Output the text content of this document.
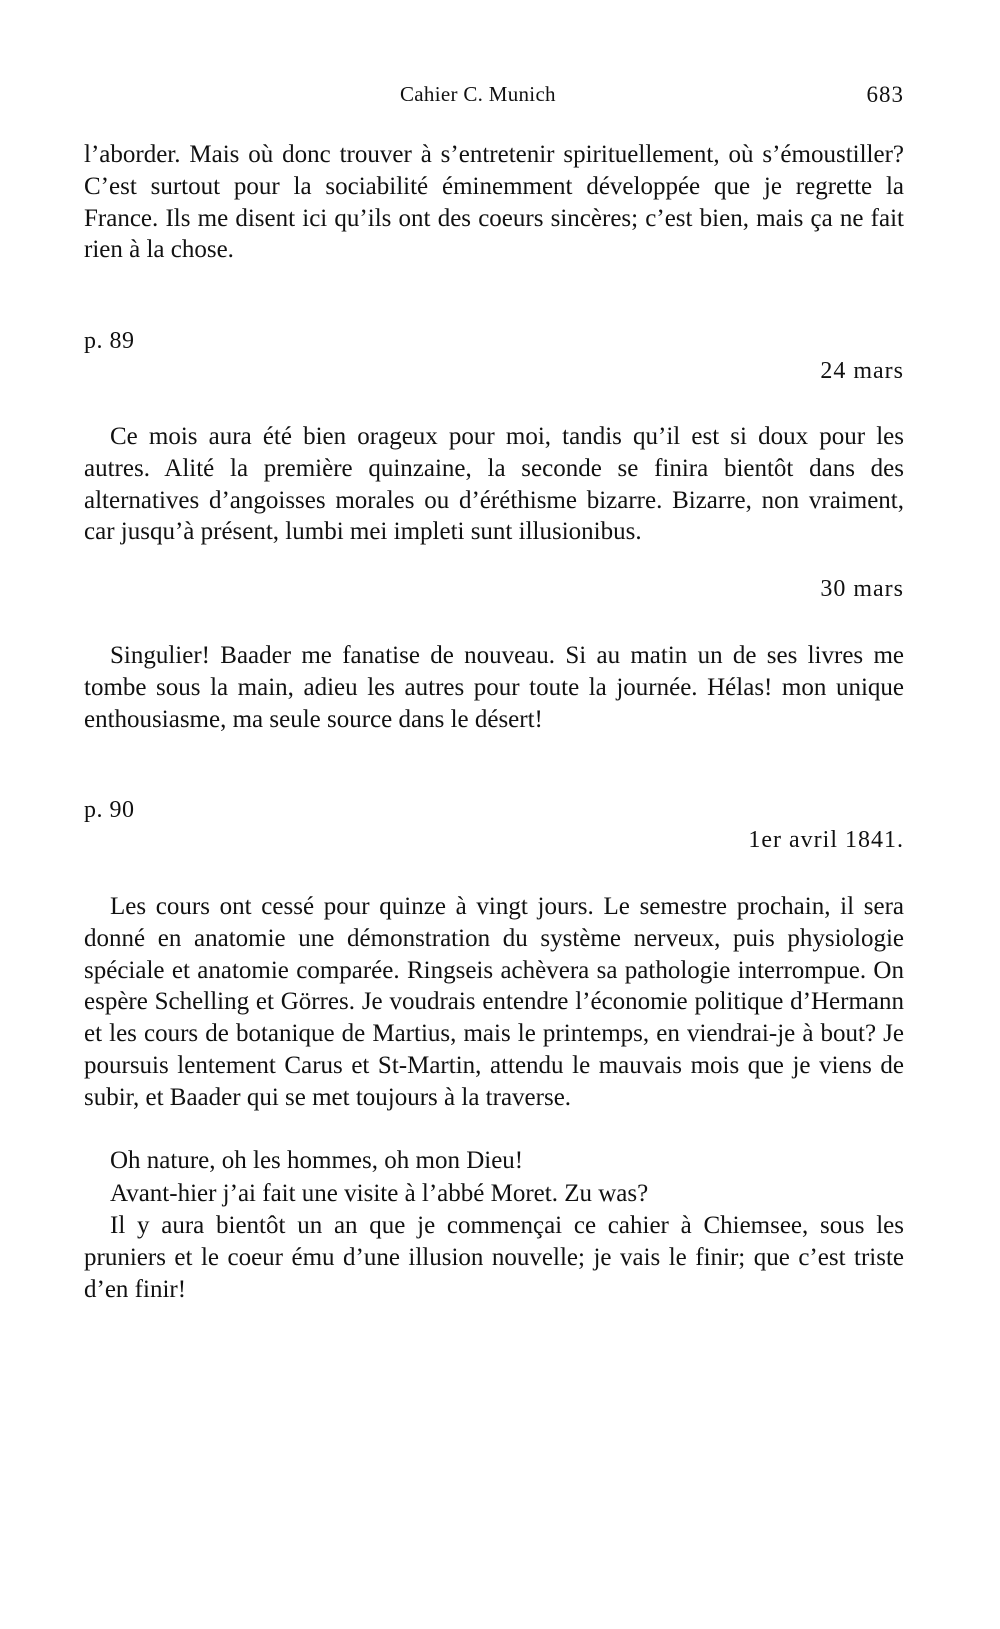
Cahier C. Munich	683
l’aborder. Mais où donc trouver à s’entretenir spirituellement, où s’émoustiller? C’est surtout pour la sociabilité éminemment développée que je regrette la France. Ils me disent ici qu’ils ont des coeurs sincères; c’est bien, mais ça ne fait rien à la chose.
p. 89
24 mars
Ce mois aura été bien orageux pour moi, tandis qu’il est si doux pour les autres. Alité la première quinzaine, la seconde se finira bientôt dans des alternatives d’angoisses morales ou d’éréthisme bizarre. Bizarre, non vraiment, car jusqu’à présent, lumbi mei impleti sunt illusionibus.
30 mars
Singulier! Baader me fanatise de nouveau. Si au matin un de ses livres me tombe sous la main, adieu les autres pour toute la journée. Hélas! mon unique enthousiasme, ma seule source dans le désert!
p. 90
1er avril 1841.
Les cours ont cessé pour quinze à vingt jours. Le semestre prochain, il sera donné en anatomie une démonstration du système nerveux, puis physiologie spéciale et anatomie comparée. Ringseis achèvera sa pathologie interrompue. On espère Schelling et Görres. Je voudrais entendre l’économie politique d’Hermann et les cours de botanique de Martius, mais le printemps, en viendrai-je à bout? Je poursuis lentement Carus et St-Martin, attendu le mauvais mois que je viens de subir, et Baader qui se met toujours à la traverse.
Oh nature, oh les hommes, oh mon Dieu!
Avant-hier j’ai fait une visite à l’abbé Moret. Zu was?
Il y aura bientôt un an que je commençai ce cahier à Chiemsee, sous les pruniers et le coeur ému d’une illusion nouvelle; je vais le finir; que c’est triste d’en finir!
